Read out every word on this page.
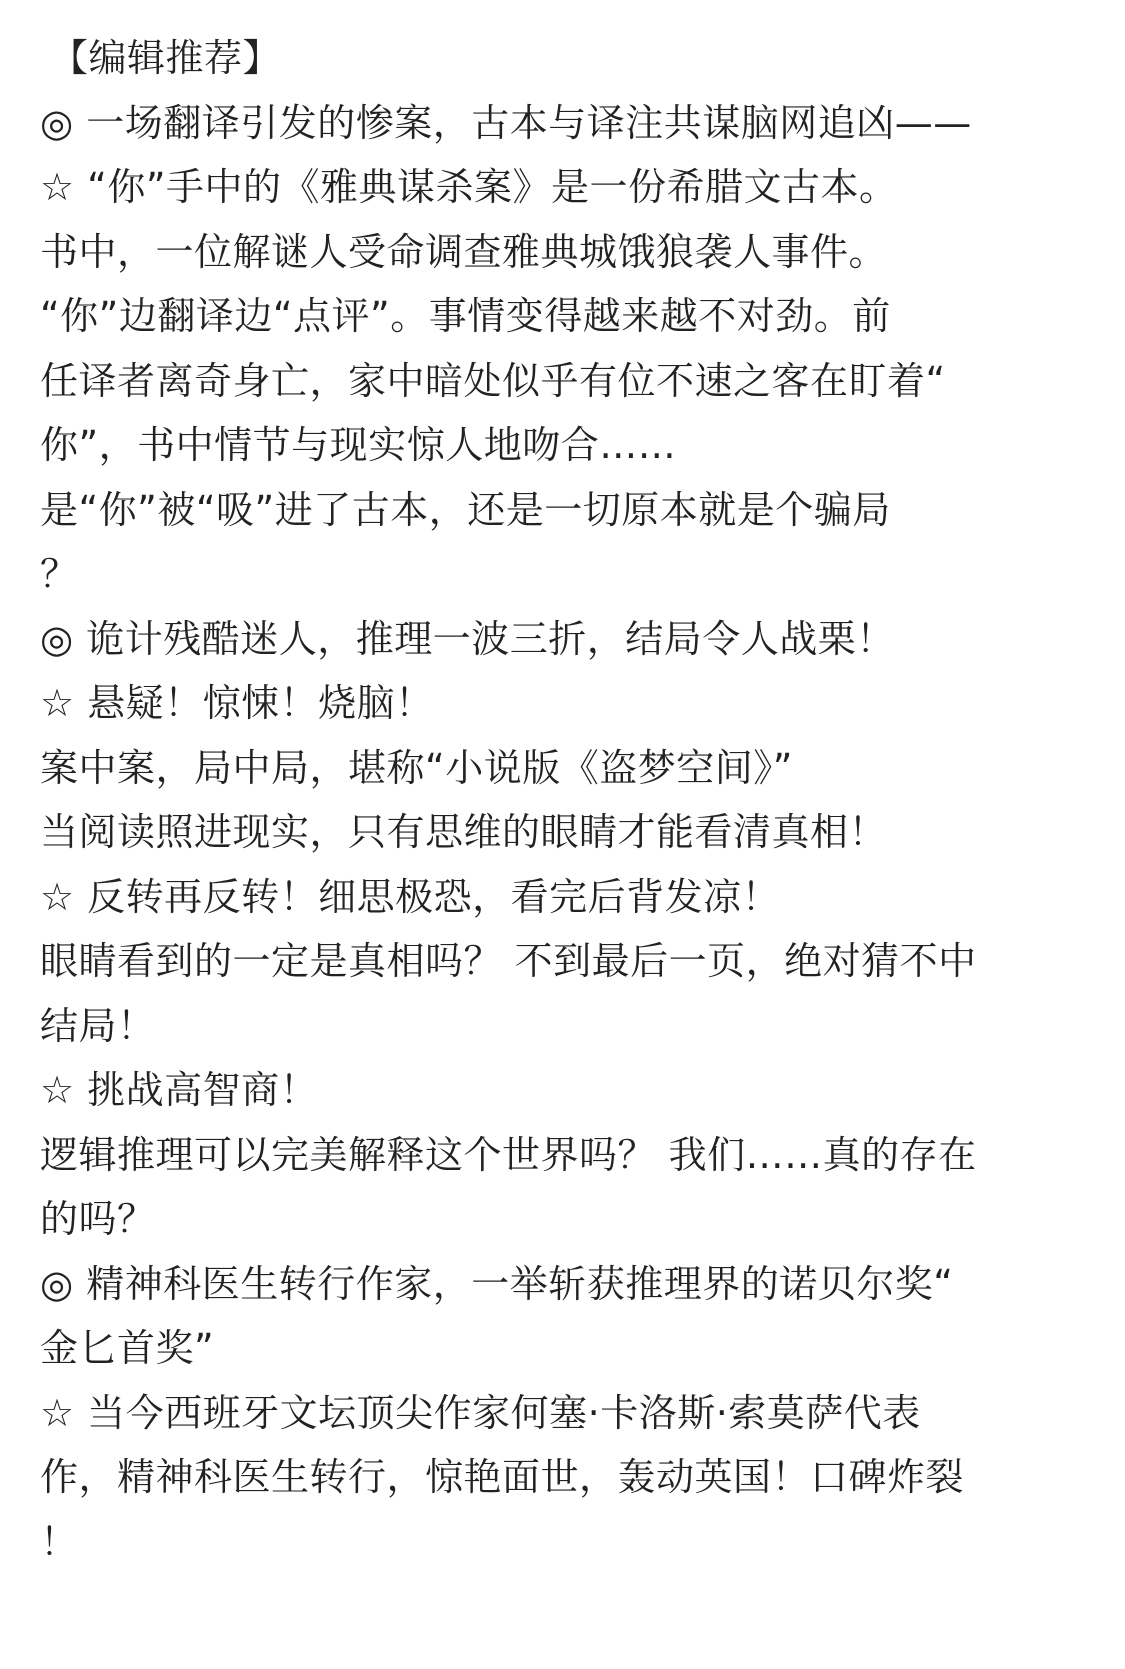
【编辑推荐】
◎ 一场翻译引发的惨案，古本与译注共谋脑网追凶——
☆ “你”手中的《雅典谋杀案》是一份希腊文古本。
书中，一位解谜人受命调查雅典城饿狼袭人事件。
“你”边翻译边“点评”。事情变得越来越不对劲。前
任译者离奇身亡，家中暗处似乎有位不速之客在盯着“
你”，书中情节与现实惊人地吻合……
是“你”被“吸”进了古本，还是一切原本就是个骗局
？
◎ 诡计残酷迷人，推理一波三折，结局令人战栗！
☆ 悬疑！惊悚！烧脑！
案中案，局中局，堪称“小说版《盗梦空间》”
当阅读照进现实，只有思维的眼睛才能看清真相！
☆ 反转再反转！细思极恐，看完后背发凉！
眼睛看到的一定是真相吗？ 不到最后一页，绝对猜不中
结局！
☆ 挑战高智商！
逻辑推理可以完美解释这个世界吗？ 我们……真的存在
的吗？
◎ 精神科医生转行作家，一举斩获推理界的诺贝尔奖“
金匕首奖”
☆ 当今西班牙文坛顶尖作家何塞·卡洛斯·索莫萨代表
作，精神科医生转行，惊艳面世，轰动英国！口碑炸裂
！
